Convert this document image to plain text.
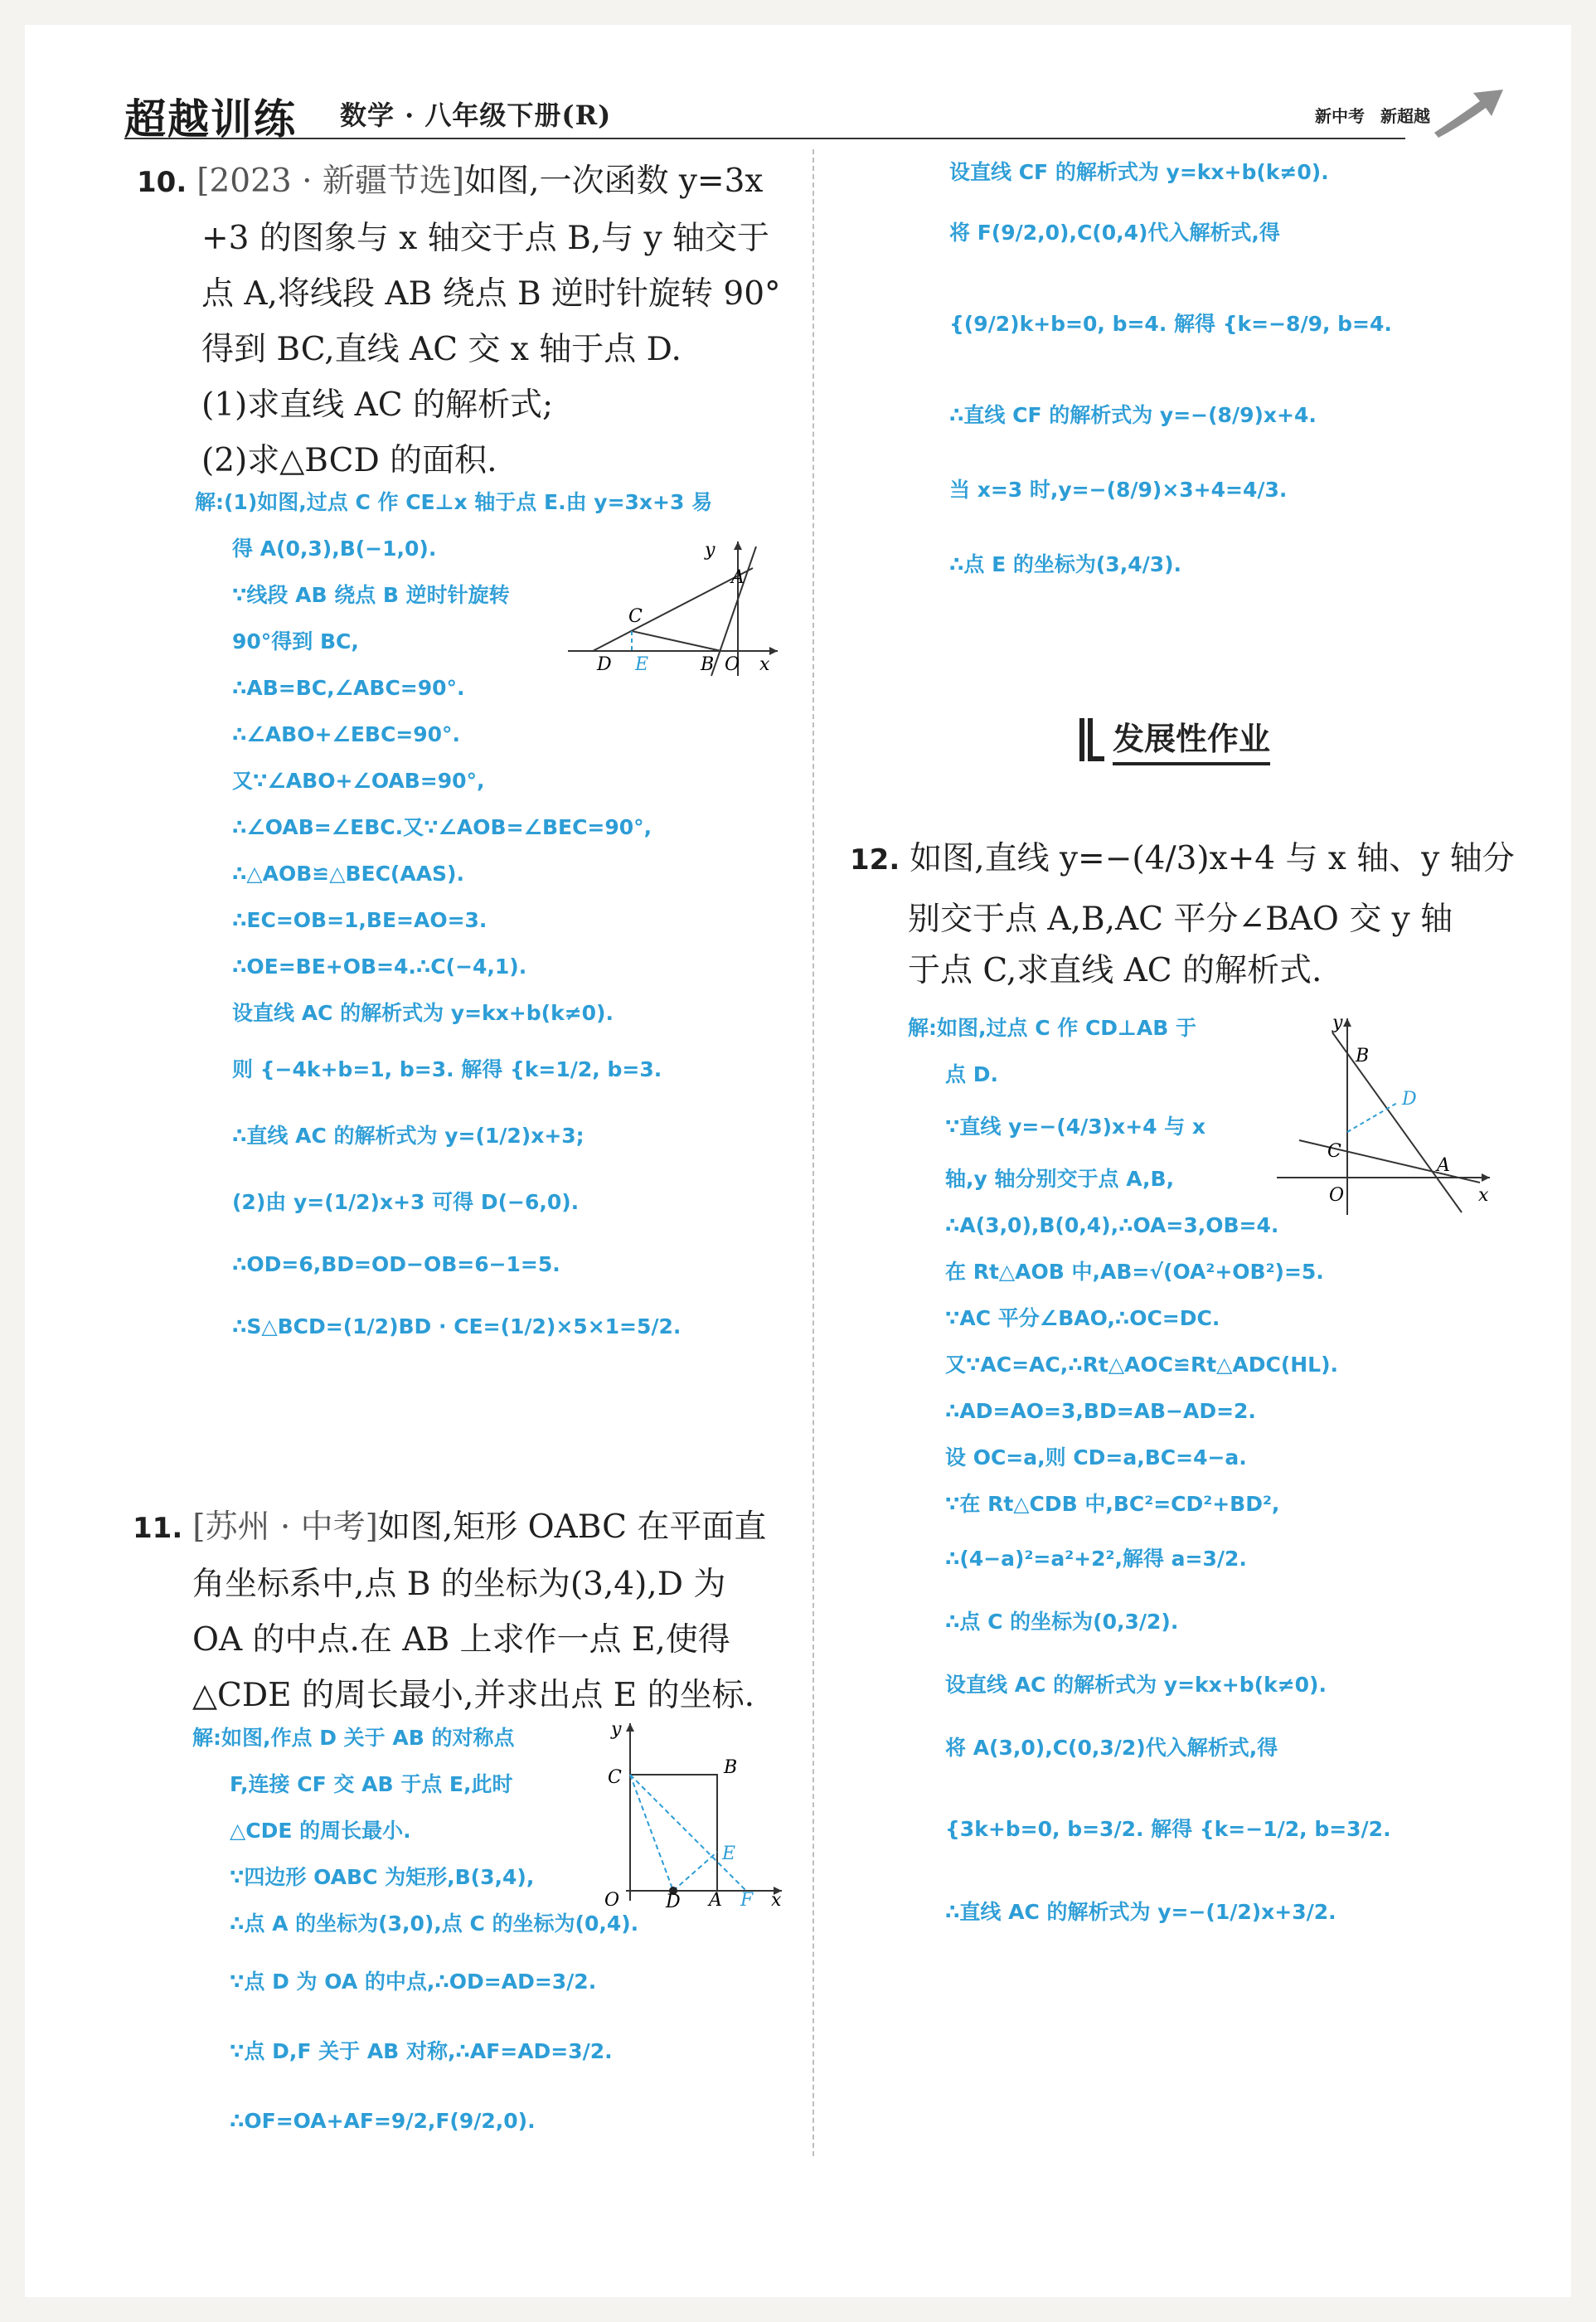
超越训练 数学 · 八年级下册(R)	新中考 新超越
10. [2023 · 新疆节选]如图,一次函数 y=3x
+3 的图象与 x 轴交于点 B,与 y 轴交于
点 A,将线段 AB 绕点 B 逆时针旋转 90°
得到 BC,直线 AC 交 x 轴于点 D.
(1)求直线 AC 的解析式;
(2)求△BCD 的面积.
解:(1)如图,过点 C 作 CE⊥x 轴于点 E.由 y=3x+3 易
得 A(0,3),B(−1,0).
∵线段 AB 绕点 B 逆时针旋转
90°得到 BC,
∴AB=BC,∠ABC=90°.
∴∠ABO+∠EBC=90°.
又∵∠ABO+∠OAB=90°,
∴∠OAB=∠EBC.又∵∠AOB=∠BEC=90°,
∴△AOB≌△BEC(AAS).
∴EC=OB=1,BE=AO=3.
∴OE=BE+OB=4.∴C(−4,1).
设直线 AC 的解析式为 y=kx+b(k≠0).
则 {−4k+b=1, b=3. 解得 {k=1/2, b=3.
∴直线 AC 的解析式为 y=(1/2)x+3;
(2)由 y=(1/2)x+3 可得 D(−6,0).
∴OD=6,BD=OD−OB=6−1=5.
∴S△BCD=(1/2)BD · CE=(1/2)×5×1=5/2.
y
A
C
D E	B O x
11. [苏州 · 中考]如图,矩形 OABC 在平面直
角坐标系中,点 B 的坐标为(3,4),D 为
OA 的中点.在 AB 上求作一点 E,使得
△CDE 的周长最小,并求出点 E 的坐标.
解:如图,作点 D 关于 AB 的对称点
F,连接 CF 交 AB 于点 E,此时
△CDE 的周长最小.
∵四边形 OABC 为矩形,B(3,4),
∴点 A 的坐标为(3,0),点 C 的坐标为(0,4).
∵点 D 为 OA 的中点,∴OD=AD=3/2.
∵点 D,F 关于 AB 对称,∴AF=AD=3/2.
∴OF=OA+AF=9/2,F(9/2,0).
y
C	B
E
O	D A F x
设直线 CF 的解析式为 y=kx+b(k≠0).
将 F(9/2,0),C(0,4)代入解析式,得
{(9/2)k+b=0, b=4. 解得 {k=−8/9, b=4.
∴直线 CF 的解析式为 y=−(8/9)x+4.
当 x=3 时,y=−(8/9)×3+4=4/3.
∴点 E 的坐标为(3,4/3).
发展性作业
12. 如图,直线 y=−(4/3)x+4 与 x 轴、y 轴分
别交于点 A,B,AC 平分∠BAO 交 y 轴
于点 C,求直线 AC 的解析式.
解:如图,过点 C 作 CD⊥AB 于
点 D.
∵直线 y=−(4/3)x+4 与 x
轴,y 轴分别交于点 A,B,
∴A(3,0),B(0,4),∴OA=3,OB=4.
在 Rt△AOB 中,AB=√(OA²+OB²)=5.
∵AC 平分∠BAO,∴OC=DC.
又∵AC=AC,∴Rt△AOC≌Rt△ADC(HL).
∴AD=AO=3,BD=AB−AD=2.
设 OC=a,则 CD=a,BC=4−a.
∵在 Rt△CDB 中,BC²=CD²+BD²,
∴(4−a)²=a²+2²,解得 a=3/2.
∴点 C 的坐标为(0,3/2).
设直线 AC 的解析式为 y=kx+b(k≠0).
将 A(3,0),C(0,3/2)代入解析式,得
{3k+b=0, b=3/2. 解得 {k=−1/2, b=3/2.
∴直线 AC 的解析式为 y=−(1/2)x+3/2.
y
B
D
C
A
O	x
